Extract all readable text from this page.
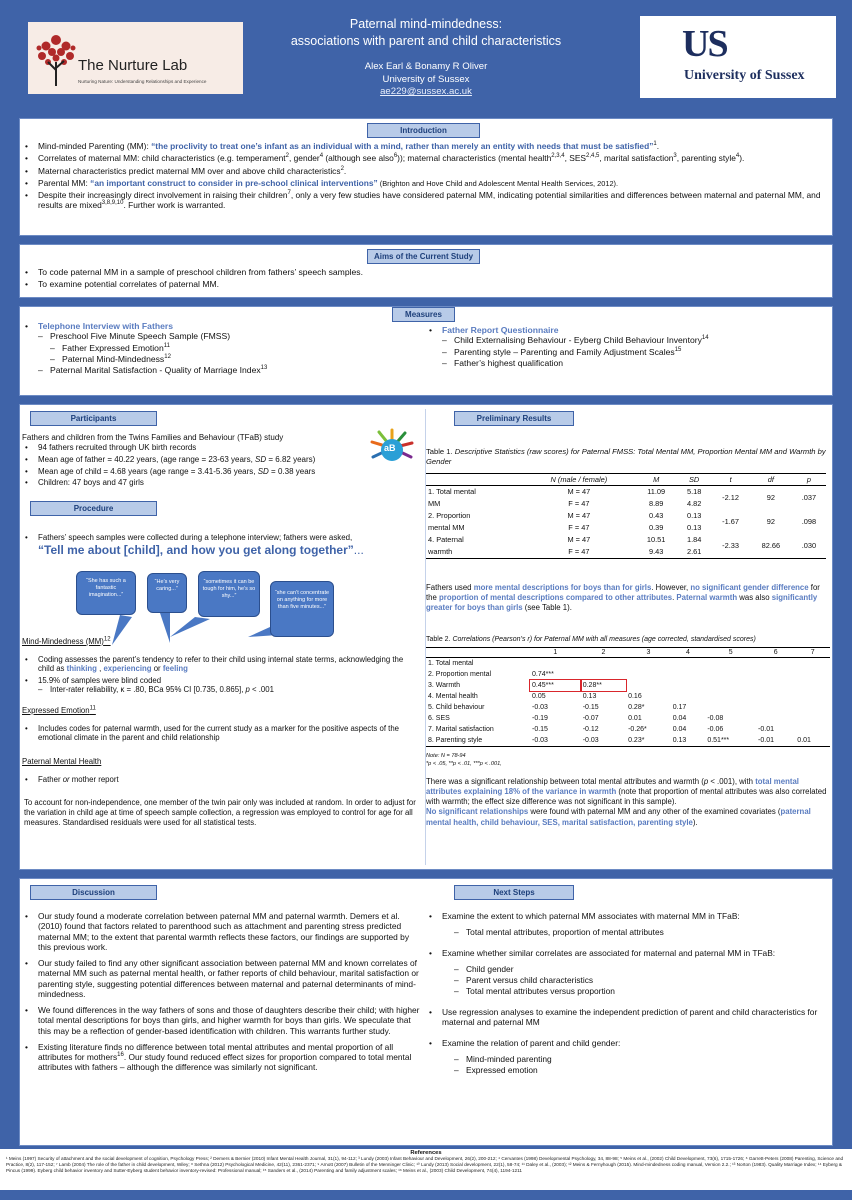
The Nurture Lab
Nurturing Nature: Understanding Relationships and Experience
Paternal mind-mindedness:
associations with parent and child characteristics
Alex Earl & Bonamy R Oliver
University of Sussex
ae229@sussex.ac.uk
US
University of Sussex
Introduction
• Mind-minded Parenting (MM): “the proclivity to treat one’s infant as an individual with a mind, rather than merely an entity with needs that must be satisfied”$^1$.
• Correlates of maternal MM: child characteristics (e.g. temperament$^2$, gender$^4$ (although see also$^6$)); maternal characteristics (mental health$^{2,3,4}$, SES$^{2,4,5}$, marital satisfaction$^3$, parenting style$^4$).
• Maternal characteristics predict maternal MM over and above child characteristics$^2$.
• Parental MM: “an important construct to consider in pre-school clinical interventions” (Brighton and Hove Child and Adolescent Mental Health Services, 2012).
• Despite their increasingly direct involvement in raising their children$^7$, only a very few studies have considered paternal MM, indicating potential similarities and differences between maternal and paternal MM, and results are mixed$^{3,8,9,10}$. Further work is warranted.
Aims of the Current Study
• To code paternal MM in a sample of preschool children from fathers’ speech samples.
• To examine potential correlates of paternal MM.
Measures
• Telephone Interview with Fathers
– Preschool Five Minute Speech Sample (FMSS)
– Father Expressed Emotion$^{11}$
– Paternal Mind-Mindedness$^{12}$
– Paternal Marital Satisfaction - Quality of Marriage Index$^{13}$
• Father Report Questionnaire
– Child Externalising Behaviour - Eyberg Child Behaviour Inventory$^{14}$
– Parenting style – Parenting and Family Adjustment Scales$^{15}$
– Father’s highest qualification
Participants
Fathers and children from the Twins Families and Behaviour (TFaB) study
• 94 fathers recruited through UK birth records
• Mean age of father = 40.22 years, (age range = 23-63 years, SD = 6.82 years)
• Mean age of child = 4.68 years (age range = 3.41-5.36 years, SD = 0.38 years
• Children: 47 boys and 47 girls
aB
Procedure
• Fathers’ speech samples were collected during a telephone interview; fathers were asked,
“Tell me about [child], and how you get along together”...
“She has such a fantastic imagination...”
“He’s very caring...”
“sometimes it can be tough for him, he’s so shy...”	“she can’t concentrate on anything for more than five minutes...”
Mind-Mindedness (MM)$^{12}$
• Coding assesses the parent’s tendency to refer to their child using internal state terms, acknowledging the child as thinking , experiencing or feeling
• 15.9% of samples were blind coded
– Inter-rater reliability, κ = .80, BCa 95% CI [0.735, 0.865], p < .001
Expressed Emotion$^{11}$
• Includes codes for paternal warmth, used for the current study as a marker for the positive aspects of the emotional climate in the parent and child relationship
Paternal Mental Health
• Father or mother report
To account for non-independence, one member of the twin pair only was included at random. In order to adjust for the variation in child age at time of speech sample collection, a regression was employed to control for age for all measures. Standardised residuals were used for all statistical tests.
Preliminary Results
Table 1. Descriptive Statistics (raw scores) for Paternal FMSS: Total Mental MM, Proportion Mental MM and Warmth by Gender
	N (male / female)	M	SD	t	df	p
1. Total mental	M = 47	11.09	5.18	-2.12	92	.037
MM	F = 47	8.89	4.82			
2. Proportion	M = 47	0.43	0.13	-1.67	92	.098
mental MM	F = 47	0.39	0.13			
4. Paternal	M = 47	10.51	1.84	-2.33	82.66	.030
warmth	F = 47	9.43	2.61			
Fathers used more mental descriptions for boys than for girls. However, no significant gender difference for the proportion of mental descriptions compared to other attributes. Paternal warmth was also significantly greater for boys than girls (see Table 1).
Table 2. Correlations (Pearson’s r) for Paternal MM with all measures (age corrected, standardised scores)
	1	2	3	4	5	6	7
1. Total mental							
2. Proportion mental	0.74***						
3. Warmth	0.45***	0.28**					
4. Mental health	0.05	0.13	0.16				
5. Child behaviour	-0.03	-0.15	0.28*	0.17			
6. SES	-0.19	-0.07	0.01	0.04	-0.08		
7. Marital satisfaction	-0.15	-0.12	-0.26*	0.04	-0.06	-0.01	
8. Parenting style	-0.03	-0.03	0.23*	0.13	0.51***	-0.01	0.01
Note: N = 78-94
*p < .05, **p < .01, ***p < .001,
There was a significant relationship between total mental attributes and warmth (p < .001), with total mental attributes explaining 18% of the variance in warmth (note that proportion of mental attributes was also correlated with warmth; the effect size difference was not significant in this sample).
No significant relationships were found with paternal MM and any other of the examined covariates (paternal mental health, child behaviour, SES, marital satisfaction, parenting style).
Discussion
• Our study found a moderate correlation between paternal MM and paternal warmth. Demers et al. (2010) found that factors related to parenthood such as attachment and parenting stress predicted maternal MM; to the extent that parental warmth reflects these factors, our findings are supported by this previous work.
• Our study failed to find any other significant association between paternal MM and known correlates of maternal MM such as paternal mental health, or father reports of child behaviour, marital satisfaction or parenting style, suggesting potential differences between maternal and paternal determinants of mind-mindedness.
• We found differences in the way fathers of sons and those of daughters describe their child; with higher total mental descriptions for boys than girls, and higher warmth for boys than girls. We speculate that this may be a reflection of gender-based identification with children. This warrants further study.
• Existing literature finds no difference between total mental attributes and mental proportion of all attributes for mothers$^{16}$. Our study found reduced effect sizes for proportion compared to total mental attributes with fathers – although the difference was similarly not significant.
Next Steps
• Examine the extent to which paternal MM associates with maternal MM in TFaB:
– Total mental attributes, proportion of mental attributes
• Examine whether similar correlates are associated for maternal and paternal MM in TFaB:
– Child gender
– Parent versus child characteristics
– Total mental attributes versus proportion
• Use regression analyses to examine the independent prediction of parent and child characteristics for maternal and paternal MM
• Examine the relation of parent and child gender:
– Mind-minded parenting
– Expressed emotion
References
¹ Meins (1997) Security of attachment and the social development of cognition, Psychology Press; ² Demers & Bernier (2010) Infant Mental Health Journal, 31(1), 94-112; ³ Lundy (2003) Infant Behaviour and Development, 26(2), 200-212; ⁴ Cervantes (1998) Developmental Psychology, 34, 88-98; ⁵ Meins et al., (2002) Child Development, 73(6), 1715-1726; ⁶ Garrett-Peters (2008) Parenting, Science and Practice, 8(2), 117-152; ⁷ Lamb (2004) The role of the father in child development, Wiley; ⁸ Sethna (2012) Psychological Medicine, 42(11), 2361-2371; ⁹ Arnott (2007) Bulletin of the Menninger Clinic; ¹⁰ Lundy (2013) Social development, 22(1), 58-74; ¹¹ Daley et al., (2003); ¹² Meins & Fernyhough (2015). Mind-mindedness coding manual, Version 2.2.; ¹³ Norton (1983). Quality Marriage Index; ¹⁴ Eyberg & Pincus (1999). Eyberg child behavior inventory and Sutter-Eyberg student behavior inventory-revised: Professional manual; ¹⁵ Sanders et al., (2014) Parenting and family adjustment scales; ¹⁶ Meins et al., (2003) Child Development, 74(4), 1194-1211
